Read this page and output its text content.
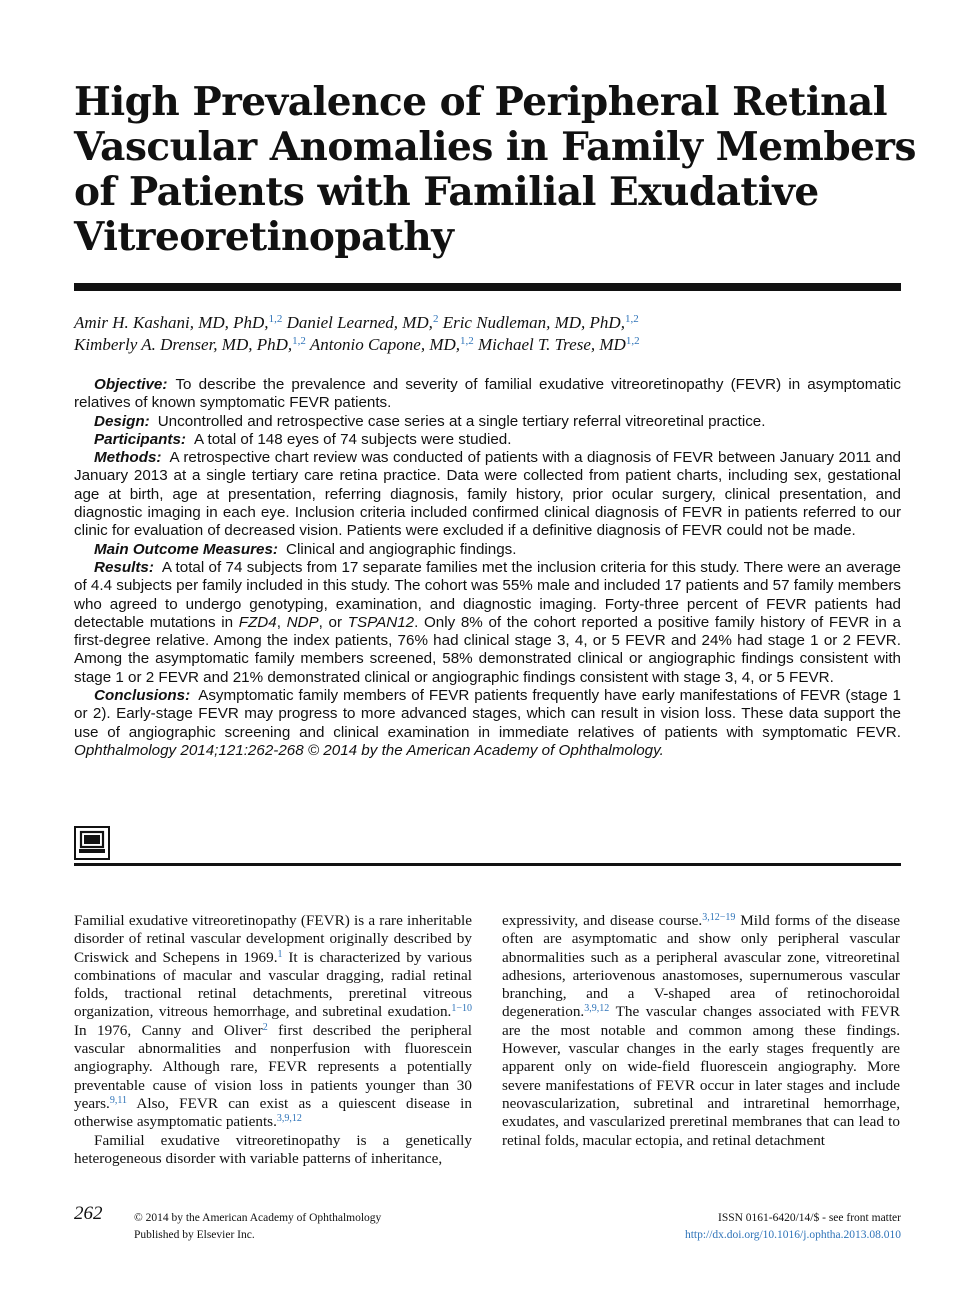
High Prevalence of Peripheral Retinal
Vascular Anomalies in Family Members
of Patients with Familial Exudative
Vitreoretinopathy
Amir H. Kashani, MD, PhD,$^{1,2}$ Daniel Learned, MD,$^2$ Eric Nudleman, MD, PhD,$^{1,2}$
Kimberly A. Drenser, MD, PhD,$^{1,2}$ Antonio Capone, MD,$^{1,2}$ Michael T. Trese, MD$^{1,2}$

Objective: To describe the prevalence and severity of familial exudative vitreoretinopathy (FEVR) in asymptomatic relatives of known symptomatic FEVR patients.

Design: Uncontrolled and retrospective case series at a single tertiary referral vitreoretinal practice.

Participants: A total of 148 eyes of 74 subjects were studied.

Methods: A retrospective chart review was conducted of patients with a diagnosis of FEVR between January 2011 and January 2013 at a single tertiary care retina practice. Data were collected from patient charts, including sex, gestational age at birth, age at presentation, referring diagnosis, family history, prior ocular surgery, clinical presentation, and diagnostic imaging in each eye. Inclusion criteria included confirmed clinical diagnosis of FEVR in patients referred to our clinic for evaluation of decreased vision. Patients were excluded if a definitive diagnosis of FEVR could not be made.

Main Outcome Measures: Clinical and angiographic findings.

Results: A total of 74 subjects from 17 separate families met the inclusion criteria for this study. There were an average of 4.4 subjects per family included in this study. The cohort was 55% male and included 17 patients and 57 family members who agreed to undergo genotyping, examination, and diagnostic imaging. Forty-three percent of FEVR patients had detectable mutations in FZD4, NDP, or TSPAN12. Only 8% of the cohort reported a positive family history of FEVR in a first-degree relative. Among the index patients, 76% had clinical stage 3, 4, or 5 FEVR and 24% had stage 1 or 2 FEVR. Among the asymptomatic family members screened, 58% demonstrated clinical or angiographic findings consistent with stage 1 or 2 FEVR and 21% demonstrated clinical or angiographic findings consistent with stage 3, 4, or 5 FEVR.

Conclusions: Asymptomatic family members of FEVR patients frequently have early manifestations of FEVR (stage 1 or 2). Early-stage FEVR may progress to more advanced stages, which can result in vision loss. These data support the use of angiographic screening and clinical examination in immediate relatives of patients with symptomatic FEVR. Ophthalmology 2014;121:262-268 © 2014 by the American Academy of Ophthalmology.

Familial exudative vitreoretinopathy (FEVR) is a rare inheritable disorder of retinal vascular development originally described by Criswick and Schepens in 1969.$^1$ It is characterized by various combinations of macular and vascular dragging, radial retinal folds, tractional retinal detachments, preretinal vitreous organization, vitreous hemorrhage, and subretinal exudation.$^{1-10}$ In 1976, Canny and Oliver$^2$ first described the peripheral vascular abnormalities and nonperfusion with fluorescein angiography. Although rare, FEVR represents a potentially preventable cause of vision loss in patients younger than 30 years.$^{9,11}$ Also, FEVR can exist as a quiescent disease in otherwise asymptomatic patients.$^{3,9,12}$

Familial exudative vitreoretinopathy is a genetically heterogeneous disorder with variable patterns of inheritance,

expressivity, and disease course.$^{3,12-19}$ Mild forms of the disease often are asymptomatic and show only peripheral vascular abnormalities such as a peripheral avascular zone, vitreoretinal adhesions, arteriovenous anastomoses, supernumerous vascular branching, and a V-shaped area of retinochoroidal degeneration.$^{3,9,12}$ The vascular changes associated with FEVR are the most notable and common among these findings. However, vascular changes in the early stages frequently are apparent only on wide-field fluorescein angiography. More severe manifestations of FEVR occur in later stages and include neovascularization, subretinal and intraretinal hemorrhage, exudates, and vascularized preretinal membranes that can lead to retinal folds, macular ectopia, and retinal detachment

262	© 2014 by the American Academy of Ophthalmology
Published by Elsevier Inc.
ISSN 0161-6420/14/$ - see front matter
http://dx.doi.org/10.1016/j.ophtha.2013.08.010
